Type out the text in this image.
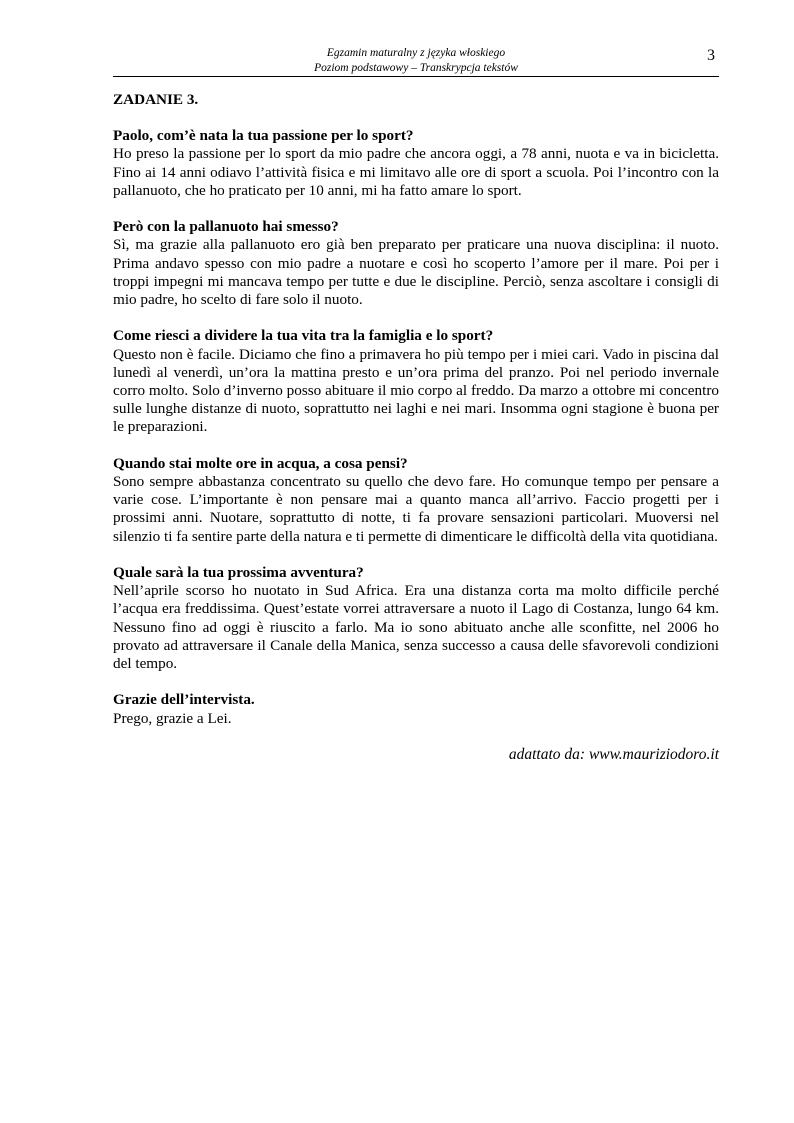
Egzamin maturalny z języka włoskiego
Poziom podstawowy – Transkrypcja tekstów
3

ZADANIE 3.

Paolo, com’è nata la tua passione per lo sport?

Ho preso la passione per lo sport da mio padre che ancora oggi, a 78 anni, nuota e va in bicicletta. Fino ai 14 anni odiavo l’attività fisica e mi limitavo alle ore di sport a scuola. Poi l’incontro con la pallanuoto, che ho praticato per 10 anni, mi ha fatto amare lo sport.

Però con la pallanuoto hai smesso?

Sì, ma grazie alla pallanuoto ero già ben preparato per praticare una nuova disciplina: il nuoto. Prima andavo spesso con mio padre a nuotare e così ho scoperto l’amore per il mare. Poi per i troppi impegni mi mancava tempo per tutte e due le discipline. Perciò, senza ascoltare i consigli di mio padre, ho scelto di fare solo il nuoto.

Come riesci a dividere la tua vita tra la famiglia e lo sport?

Questo non è facile. Diciamo che fino a primavera ho più tempo per i miei cari. Vado in piscina dal lunedì al venerdì, un’ora la mattina presto e un’ora prima del pranzo. Poi nel periodo invernale corro molto. Solo d’inverno posso abituare il mio corpo al freddo. Da marzo a ottobre mi concentro sulle lunghe distanze di nuoto, soprattutto nei laghi e nei mari. Insomma ogni stagione è buona per le preparazioni.

Quando stai molte ore in acqua, a cosa pensi?

Sono sempre abbastanza concentrato su quello che devo fare. Ho comunque tempo per pensare a varie cose. L’importante è non pensare mai a quanto manca all’arrivo. Faccio progetti per i prossimi anni. Nuotare, soprattutto di notte, ti fa provare sensazioni particolari. Muoversi nel silenzio ti fa sentire parte della natura e ti permette di dimenticare le difficoltà della vita quotidiana.

Quale sarà la tua prossima avventura?

Nell’aprile scorso ho nuotato in Sud Africa. Era una distanza corta ma molto difficile perché l’acqua era freddissima. Quest’estate vorrei attraversare a nuoto il Lago di Costanza, lungo 64 km. Nessuno fino ad oggi è riuscito a farlo. Ma io sono abituato anche alle sconfitte, nel 2006 ho provato ad attraversare il Canale della Manica, senza successo a causa delle sfavorevoli condizioni del tempo.

Grazie dell’intervista.

Prego, grazie a Lei.

adattato da: www.mauriziodoro.it
